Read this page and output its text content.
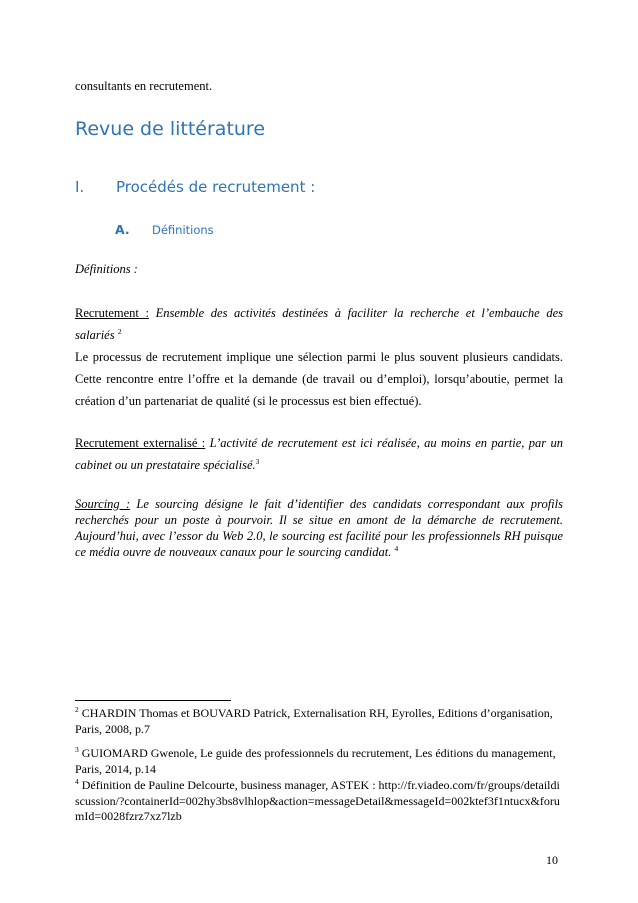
consultants en recrutement.
Revue de littérature
I. Procédés de recrutement :
A. Définitions
Définitions :

Recrutement : Ensemble des activités destinées à faciliter la recherche et l’embauche des salariés $^2$

Le processus de recrutement implique une sélection parmi le plus souvent plusieurs candidats. Cette rencontre entre l’offre et la demande (de travail ou d’emploi), lorsqu’aboutie, permet la création d’un partenariat de qualité (si le processus est bien effectué).

Recrutement externalisé : L’activité de recrutement est ici réalisée, au moins en partie, par un cabinet ou un prestataire spécialisé.$^3$

Sourcing : Le sourcing désigne le fait d’identifier des candidats correspondant aux profils recherchés pour un poste à pourvoir. Il se situe en amont de la démarche de recrutement. Aujourd’hui, avec l’essor du Web 2.0, le sourcing est facilité pour les professionnels RH puisque ce média ouvre de nouveaux canaux pour le sourcing candidat. $^4$
$^2$ CHARDIN Thomas et BOUVARD Patrick, Externalisation RH, Eyrolles, Editions d’organisation, Paris, 2008, p.7
$^3$ GUIOMARD Gwenole, Le guide des professionnels du recrutement, Les éditions du management, Paris, 2014, p.14
$^4$ Définition de Pauline Delcourte, business manager, ASTEK : http://fr.viadeo.com/fr/groups/detaildiscussion/?containerId=002hy3bs8vlhlop&action=messageDetail&messageId=002ktef3f1ntucx&forumId=0028fzrz7xz7lzb
10
